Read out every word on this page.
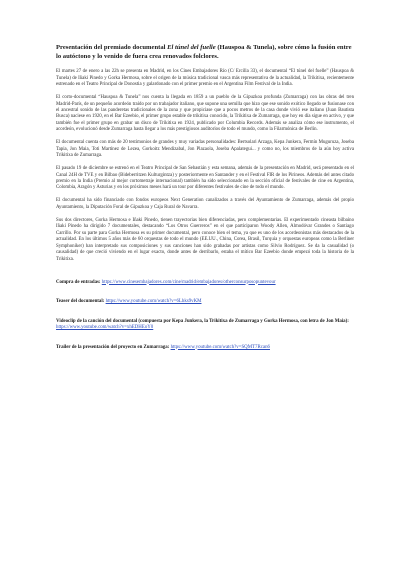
Presentación del premiado documental El túnel del fuelle (Hauspoa & Tunela), sobre cómo la fusión entre lo autóctono y lo venido de fuera crea renovados folclores.

El martes 27 de enero a las 22h se presenta en Madrid, en los Cines Embajadores Río (C/ Ercilla 33), el documental “El túnel del fuelle” (Hauspoa & Tunela) de Iñaki Pinedo y Gorka Hermosa, sobre el origen de la música tradicional vasca más representativa de la actualidad, la Trikitixa, recientemente estrenado en el Teatro Principal de Donostia y galardonado con el primer premio en el Argentina Film Festival de la India.

El corto-documental “Hauspoa & Tunela” nos cuenta la llegada en 1859 a un pueblo de la Gipuzkoa profunda (Zumarraga) con las obras del tren Madrid-París, de un pequeño acordeón traído por un trabajador italiano, que supone una semilla que hizo que ese sonido exótico llegado se fusionase con el ancestral sonido de las panderetas tradicionales de la zona y que propiciase que a pocos metros de la casa donde vivió ese italiano (Juan Bautista Busca) naciese en 1920, en el Bar Ezeebio, el primer grupo estable de trikitixa conocido, la Trikitixa de Zumarraga, que hoy en día sigue en activo, y que también fue el primer grupo en grabar un disco de Trikitixa en 1924, publicado por Columbia Records. Además se analiza cómo ese instrumento, el acordeón, evolucionó desde Zumarraga hasta llegar a los más prestigiosos auditorios de todo el mundo, como la Filarmónica de Berlín.

El documental cuenta con más de 20 testimonios de grandes y muy variadas personalidades: Bertsolari Arzaga, Kepa Junkera, Fermín Muguruza, Joseba Tapia, Jon Maia, Toti Martínez de Lezea, Gorkoitz Mendizabal, Jon Plazaola, Joseba Apalategui... y como no, los miembros de la aún hoy activa Trikitixa de Zumarraga.

El pasado 19 de diciembre se estrenó en el Teatro Principal de San Sebastián y esta semana, además de la presentación en Madrid, será presentado en el Canal 24H de TVE y en Bilbao (Bideberritzen Kulturgintza) y posteriormente en Santander y en el Festival FIR de los Pirineos. Además del antes citado premio en la India (Premio al mejor cortometraje internacional) también ha sido seleccionado en la sección oficial de festivales de cine en Argentina, Colombia, Aragón y Asturias y en los próximos meses hará un tour por diferentes festivales de cine de todo el mundo.

El documental ha sido financiado con fondos europeos Next Generation canalizados a través del Ayuntamiento de Zumarraga, además del propio Ayuntamiento, la Diputación Foral de Gipuzkoa y Caja Rural de Navarra.

Sus dos directores, Gorka Hermosa e Iñaki Pinedo, tienen trayectorias bien diferenciadas, pero complementarias. El experimentado cineasta bilbaíno Iñaki Pinedo ha dirigido 7 documentales, destacando “Los Otros Guerreros” en el que participaron Woody Allen, Almodóvar Grandes o Santiago Carrillo. Por su parte para Gorka Hermosa es su primer documental, pero conoce bien el tema, ya que es uno de los acordeonistas más destacados de la actualidad. En los últimos 5 años más de 60 orquestas de todo el mundo (EE.UU., China, Corea, Brasil, Turquía y orquestas europeas como la Berliner Symphoniker) han interpretado sus composiciones y sus canciones han sido grabadas por artistas como Silvio Rodríguez. Se da la casualidad (o causalidad) de que creció viviendo en el lugar exacto, donde antes de derribarlo, estaba el mítico Bar Ezeebio donde empezó toda la historia de la Trikitixa.

Compra de entradas: https://www.cinesembajadores.com/cine/madrid/embajadores/otherconsurposopuntevour

Teaser del documental: https://www.youtube.com/watch?v=6Lhks9vKM

Videoclip de la canción del documental (compuesta por Kepa Junkera, la Trikitixa de Zumarraga y Gorka Hermosa, con letra de Jon Maia): https://www.youtube.com/watch?v=xhEDHEoY0

Trailer de la presentación del proyecto en Zumarraga: https://www.youtube.com/watch?v=SQMT7Rcan6
